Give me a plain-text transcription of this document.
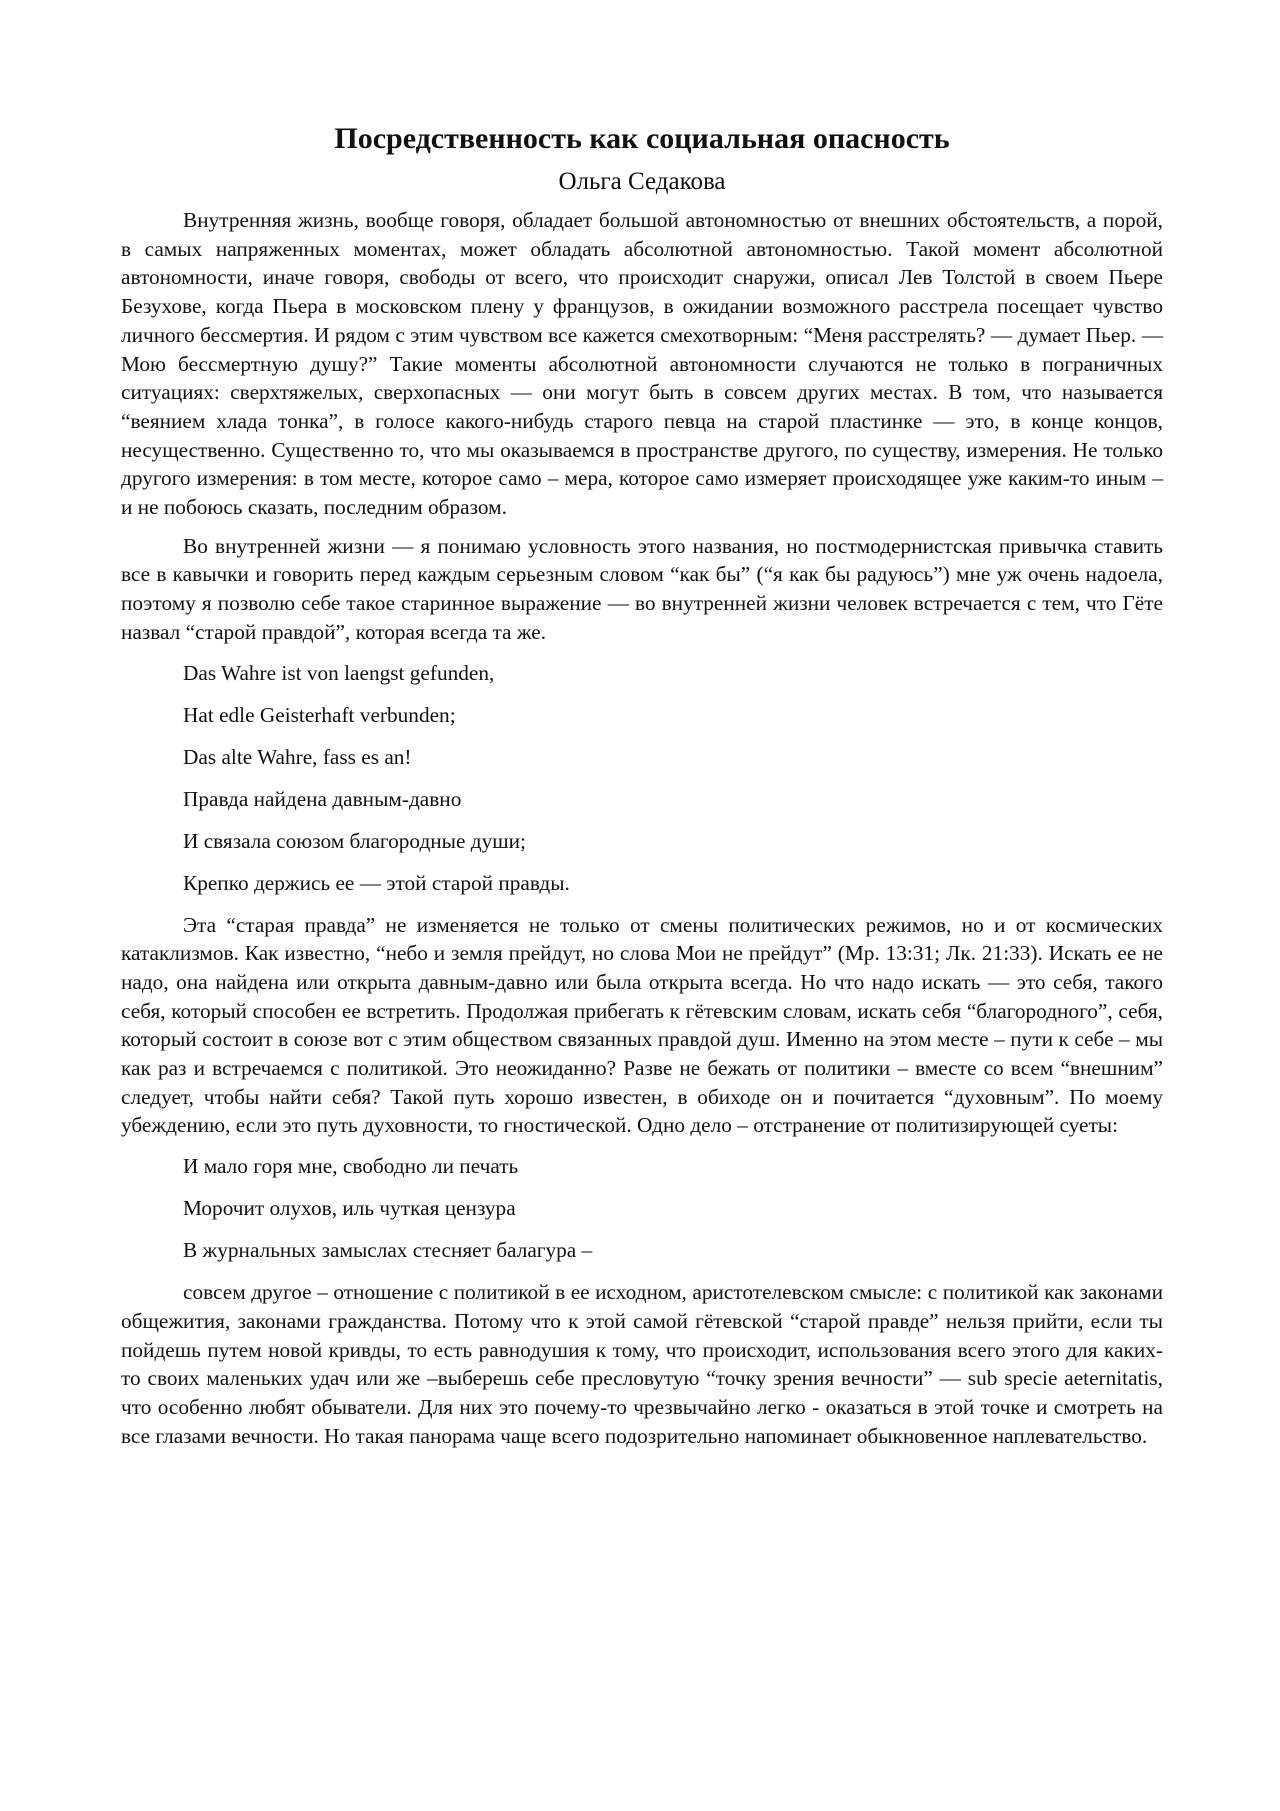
Посредственность как социальная опасность
Ольга Седакова

Внутренняя жизнь, вообще говоря, обладает большой автономностью от внешних обстоятельств, а порой, в самых напряженных моментах, может обладать абсолютной автономностью. Такой момент абсолютной автономности, иначе говоря, свободы от всего, что происходит снаружи, описал Лев Толстой в своем Пьере Безухове, когда Пьера в московском плену у французов, в ожидании возможного расстрела посещает чувство личного бессмертия. И рядом с этим чувством все кажется смехотворным: “Меня расстрелять? — думает Пьер. — Мою бессмертную душу?” Такие моменты абсолютной автономности случаются не только в пограничных ситуациях: сверхтяжелых, сверхопасных — они могут быть в совсем других местах. В том, что называется “веянием хлада тонка”, в голосе какого-нибудь старого певца на старой пластинке — это, в конце концов, несущественно. Существенно то, что мы оказываемся в пространстве другого, по существу, измерения. Не только другого измерения: в том месте, которое само – мера, которое само измеряет происходящее уже каким-то иным – и не побоюсь сказать, последним образом.

Во внутренней жизни — я понимаю условность этого названия, но постмодернистская привычка ставить все в кавычки и говорить перед каждым серьезным словом “как бы” (“я как бы радуюсь”) мне уж очень надоела, поэтому я позволю себе такое старинное выражение — во внутренней жизни человек встречается с тем, что Гёте назвал “старой правдой”, которая всегда та же.

Das Wahre ist von laengst gefunden,
Hat edle Geisterhaft verbunden;
Das alte Wahre, fass es an!
Правда найдена давным-давно
И связала союзом благородные души;
Крепко держись ее — этой старой правды.

Эта “старая правда” не изменяется не только от смены политических режимов, но и от космических катаклизмов. Как известно, “небо и земля прейдут, но слова Мои не прейдут” (Мр. 13:31; Лк. 21:33). Искать ее не надо, она найдена или открыта давным-давно или была открыта всегда. Но что надо искать — это себя, такого себя, который способен ее встретить. Продолжая прибегать к гётевским словам, искать себя “благородного”, себя, который состоит в союзе вот с этим обществом связанных правдой душ. Именно на этом месте – пути к себе – мы как раз и встречаемся с политикой. Это неожиданно? Разве не бежать от политики – вместе со всем “внешним” следует, чтобы найти себя? Такой путь хорошо известен, в обиходе он и почитается “духовным”. По моему убеждению, если это путь духовности, то гностической. Одно дело – отстранение от политизирующей суеты:

И мало горя мне, свободно ли печать
Морочит олухов, иль чуткая цензура
В журнальных замыслах стесняет балагура –

совсем другое – отношение с политикой в ее исходном, аристотелевском смысле: с политикой как законами общежития, законами гражданства. Потому что к этой самой гётевской “старой правде” нельзя прийти, если ты пойдешь путем новой кривды, то есть равнодушия к тому, что происходит, использования всего этого для каких-то своих маленьких удач или же –выберешь себе пресловутую “точку зрения вечности” — sub specie aeternitatis, что особенно любят обыватели. Для них это почему-то чрезвычайно легко - оказаться в этой точке и смотреть на все глазами вечности. Но такая панорама чаще всего подозрительно напоминает обыкновенное наплевательство.
